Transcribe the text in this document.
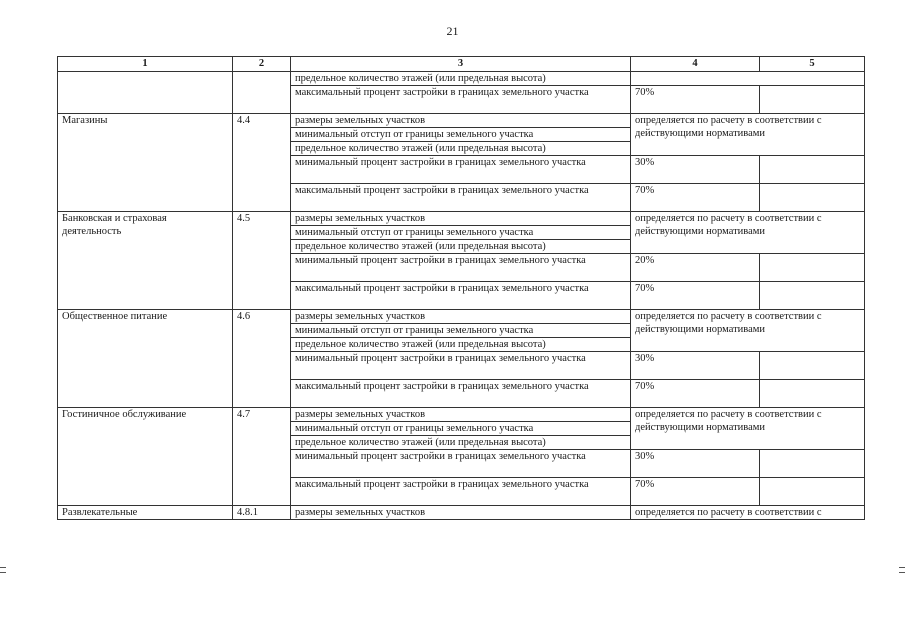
21
1	2	3	4	5
		предельное количество этажей (или предельная высота)		
		максимальный процент застройки в границах земельного участка	70%	
Магазины	4.4	размеры земельных участков	определяется по расчету в соответствии с действующими нормативами	
		минимальный отступ от границы земельного участка		
		предельное количество этажей (или предельная высота)		
		минимальный процент застройки в границах земельного участка	30%	
		максимальный процент застройки в границах земельного участка	70%	
Банковская и страховая деятельность	4.5	размеры земельных участков	определяется по расчету в соответствии с действующими нормативами	
		минимальный отступ от границы земельного участка		
		предельное количество этажей (или предельная высота)		
		минимальный процент застройки в границах земельного участка	20%	
		максимальный процент застройки в границах земельного участка	70%	
Общественное питание	4.6	размеры земельных участков	определяется по расчету в соответствии с действующими нормативами	
		минимальный отступ от границы земельного участка		
		предельное количество этажей (или предельная высота)		
		минимальный процент застройки в границах земельного участка	30%	
		максимальный процент застройки в границах земельного участка	70%	
Гостиничное обслуживание	4.7	размеры земельных участков	определяется по расчету в соответствии с действующими нормативами	
		минимальный отступ от границы земельного участка		
		предельное количество этажей (или предельная высота)		
		минимальный процент застройки в границах земельного участка	30%	
		максимальный процент застройки в границах земельного участка	70%	
Развлекательные	4.8.1	размеры земельных участков	определяется по расчету в соответствии с	
